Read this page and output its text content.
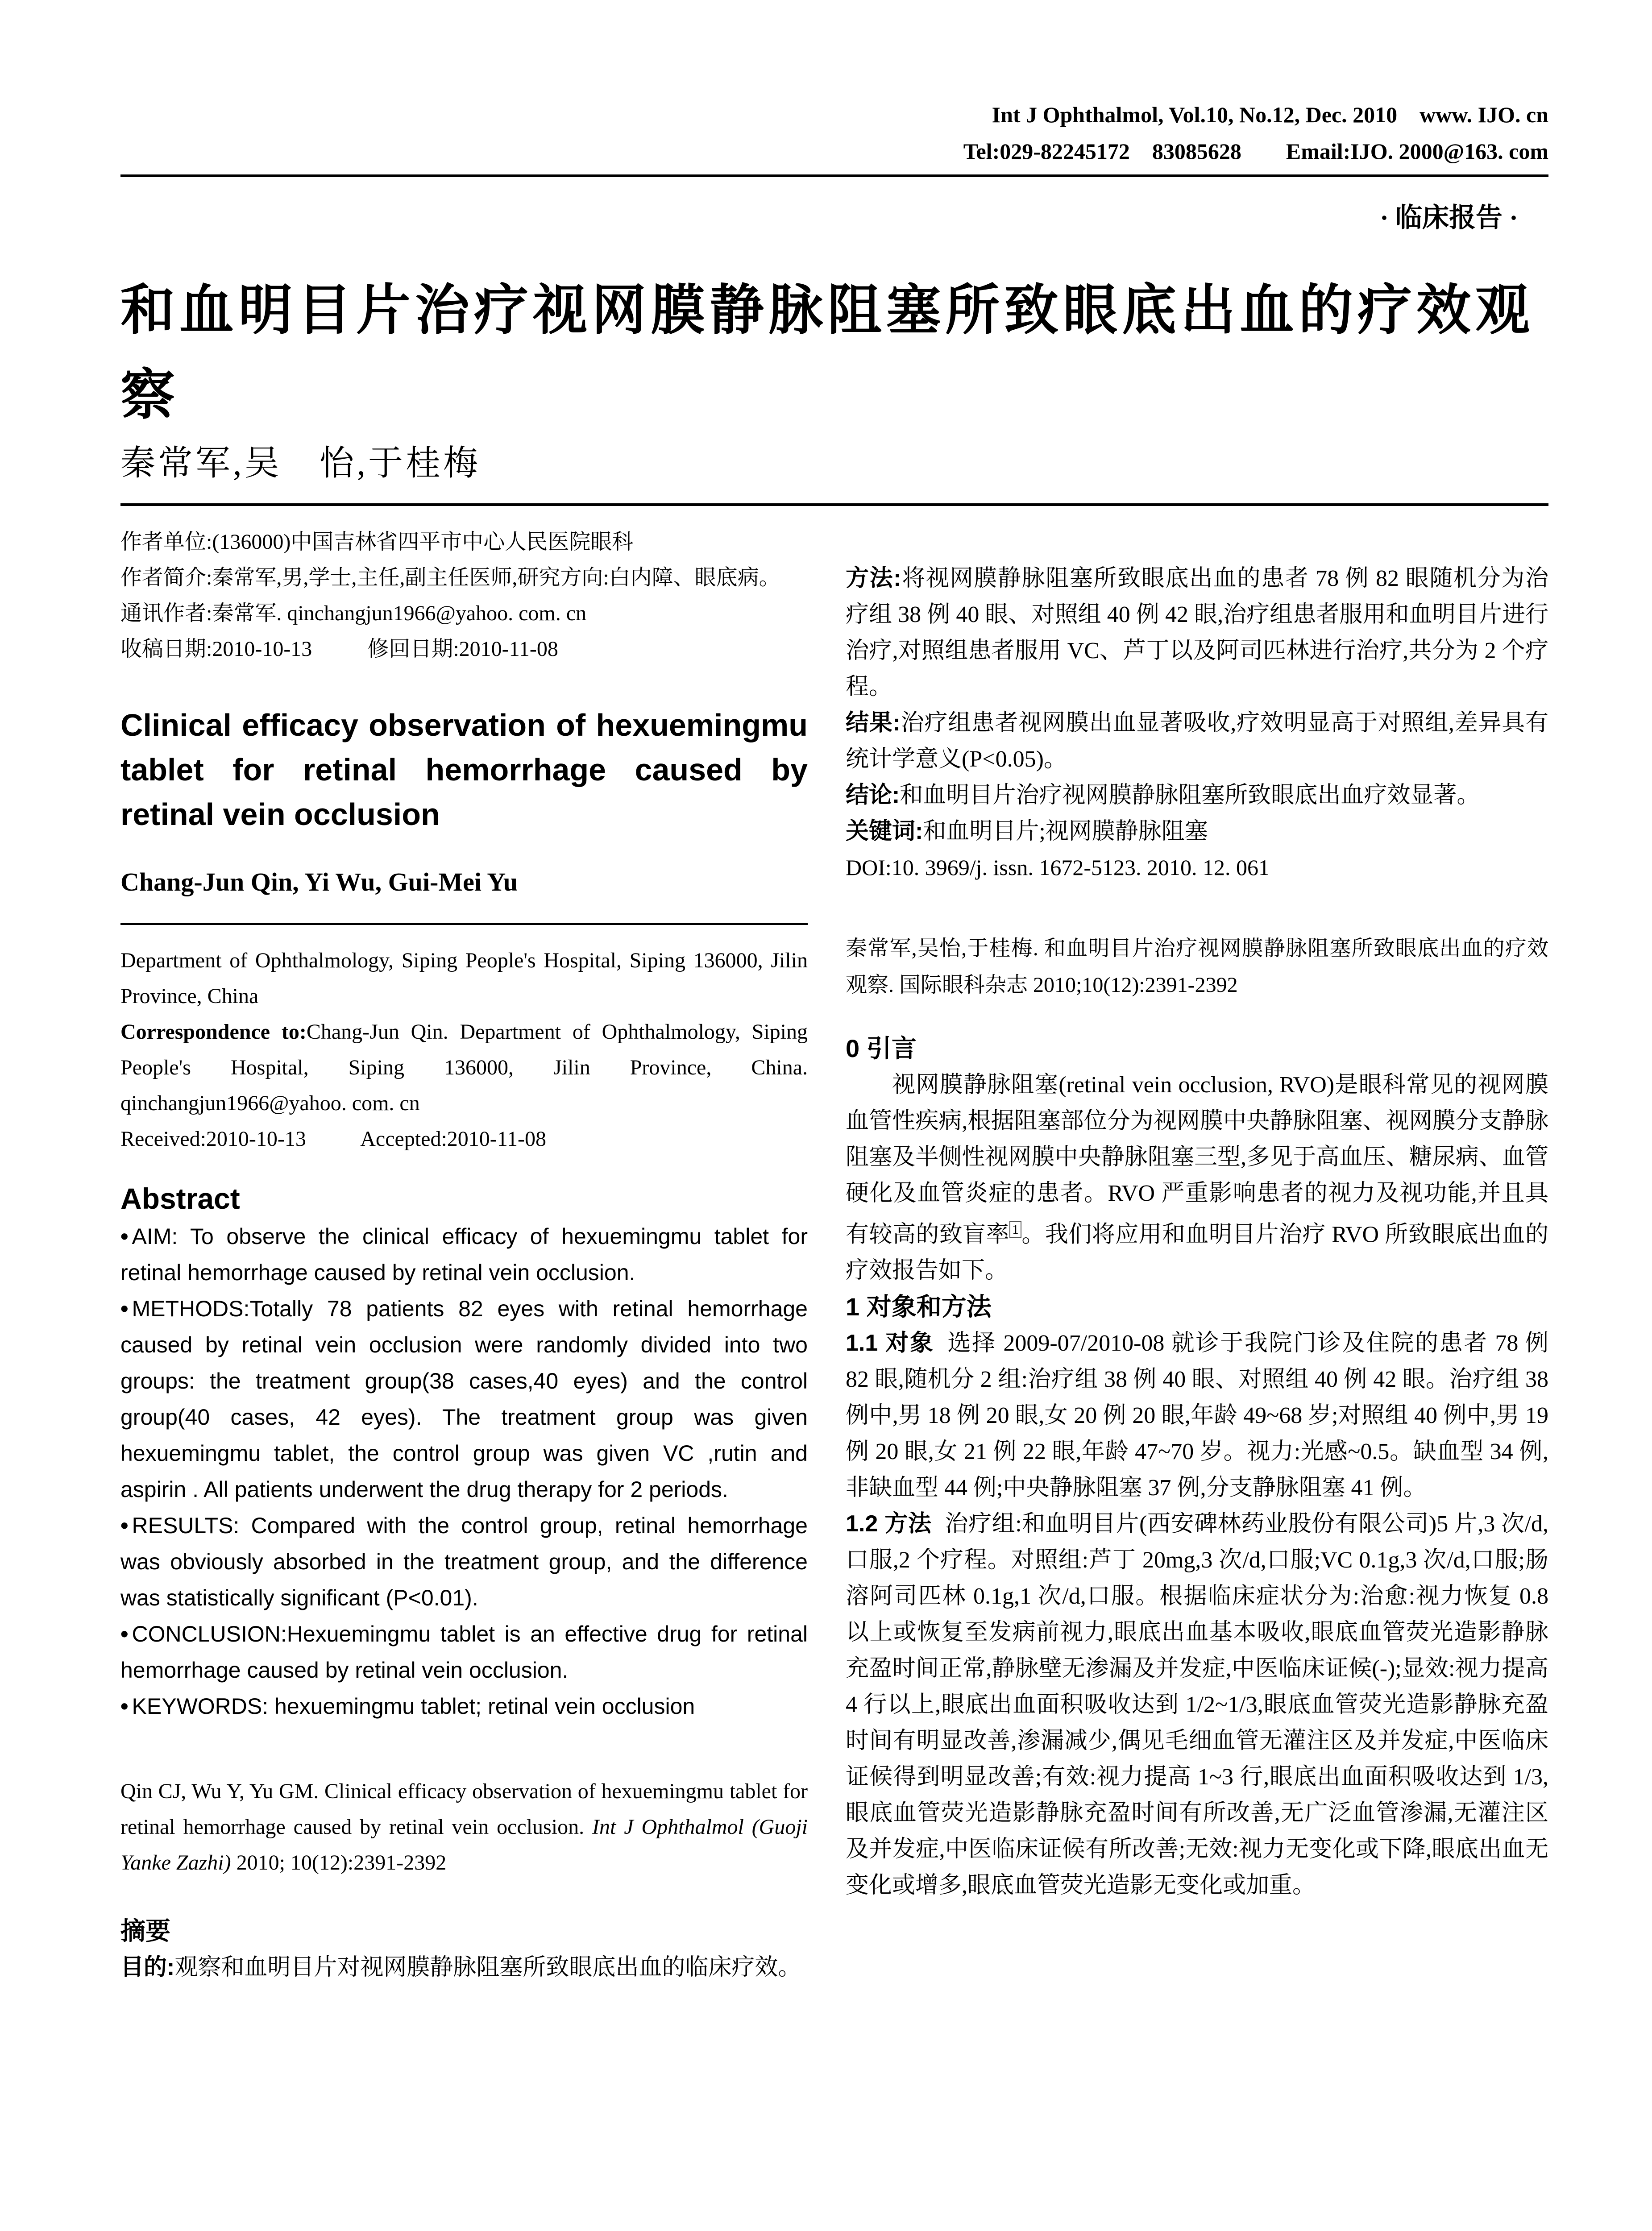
Int J Ophthalmol, Vol.10, No.12, Dec. 2010    www. IJO. cn
Tel:029-82245172    83085628        Email:IJO. 2000@163. com
· 临床报告 ·
和血明目片治疗视网膜静脉阻塞所致眼底出血的疗效观察
秦常军,吴　怡,于桂梅

作者单位:(136000)中国吉林省四平市中心人民医院眼科

作者简介:秦常军,男,学士,主任,副主任医师,研究方向:白内障、眼底病。

通讯作者:秦常军. qinchangjun1966@yahoo. com. cn

收稿日期:2010-10-13	修回日期:2010-11-08

Clinical efficacy observation of hexuemingmu tablet for retinal hemorrhage caused by retinal vein occlusion
Chang-Jun Qin, Yi Wu, Gui-Mei Yu

Department of Ophthalmology, Siping People's Hospital, Siping 136000, Jilin Province, China

Correspondence to:Chang-Jun Qin. Department of Ophthalmology, Siping People's Hospital, Siping 136000, Jilin Province, China. qinchangjun1966@yahoo. com. cn

Received:2010-10-13	Accepted:2010-11-08

Abstract

• AIM: To observe the clinical efficacy of hexuemingmu tablet for retinal hemorrhage caused by retinal vein occlusion.

• METHODS:Totally 78 patients 82 eyes with retinal hemorrhage caused by retinal vein occlusion were randomly divided into two groups: the treatment group(38 cases,40 eyes) and the control group(40 cases, 42 eyes). The treatment group was given hexuemingmu tablet, the control group was given VC ,rutin and aspirin . All patients underwent the drug therapy for 2 periods.

• RESULTS: Compared with the control group, retinal hemorrhage was obviously absorbed in the treatment group, and the difference was statistically significant (P<0.01).

• CONCLUSION:Hexuemingmu tablet is an effective drug for retinal hemorrhage caused by retinal vein occlusion.

• KEYWORDS: hexuemingmu tablet; retinal vein occlusion

Qin CJ, Wu Y, Yu GM. Clinical efficacy observation of hexuemingmu tablet for retinal hemorrhage caused by retinal vein occlusion. Int J Ophthalmol (Guoji Yanke Zazhi) 2010; 10(12):2391-2392

摘要

目的:观察和血明目片对视网膜静脉阻塞所致眼底出血的临床疗效。

方法:将视网膜静脉阻塞所致眼底出血的患者 78 例 82 眼随机分为治疗组 38 例 40 眼、对照组 40 例 42 眼,治疗组患者服用和血明目片进行治疗,对照组患者服用 VC、芦丁以及阿司匹林进行治疗,共分为 2 个疗程。

结果:治疗组患者视网膜出血显著吸收,疗效明显高于对照组,差异具有统计学意义(P<0.05)。

结论:和血明目片治疗视网膜静脉阻塞所致眼底出血疗效显著。

关键词:和血明目片;视网膜静脉阻塞

DOI:10. 3969/j. issn. 1672-5123. 2010. 12. 061

秦常军,吴怡,于桂梅. 和血明目片治疗视网膜静脉阻塞所致眼底出血的疗效观察. 国际眼科杂志 2010;10(12):2391-2392

0 引言

视网膜静脉阻塞(retinal vein occlusion, RVO)是眼科常见的视网膜血管性疾病,根据阻塞部位分为视网膜中央静脉阻塞、视网膜分支静脉阻塞及半侧性视网膜中央静脉阻塞三型,多见于高血压、糖尿病、血管硬化及血管炎症的患者。RVO 严重影响患者的视力及视功能,并且具有较高的致盲率 $^1$ 。我们将应用和血明目片治疗 RVO 所致眼底出血的疗效报告如下。

1 对象和方法

1.1 对象 选择 2009-07/2010-08 就诊于我院门诊及住院的患者 78 例 82 眼,随机分 2 组:治疗组 38 例 40 眼、对照组 40 例 42 眼。治疗组 38 例中,男 18 例 20 眼,女 20 例 20 眼,年龄 49~68 岁;对照组 40 例中,男 19 例 20 眼,女 21 例 22 眼,年龄 47~70 岁。视力:光感~0.5。缺血型 34 例,非缺血型 44 例;中央静脉阻塞 37 例,分支静脉阻塞 41 例。

1.2 方法 治疗组:和血明目片(西安碑林药业股份有限公司)5 片,3 次/d,口服,2 个疗程。对照组:芦丁 20mg,3 次/d,口服;VC 0.1g,3 次/d,口服;肠溶阿司匹林 0.1g,1 次/d,口服。根据临床症状分为:治愈:视力恢复 0.8 以上或恢复至发病前视力,眼底出血基本吸收,眼底血管荧光造影静脉充盈时间正常,静脉壁无渗漏及并发症,中医临床证候(-);显效:视力提高 4 行以上,眼底出血面积吸收达到 1/2~1/3,眼底血管荧光造影静脉充盈时间有明显改善,渗漏减少,偶见毛细血管无灌注区及并发症,中医临床证候得到明显改善;有效:视力提高 1~3 行,眼底出血面积吸收达到 1/3,眼底血管荧光造影静脉充盈时间有所改善,无广泛血管渗漏,无灌注区及并发症,中医临床证候有所改善;无效:视力无变化或下降,眼底出血无变化或增多,眼底血管荧光造影无变化或加重。
